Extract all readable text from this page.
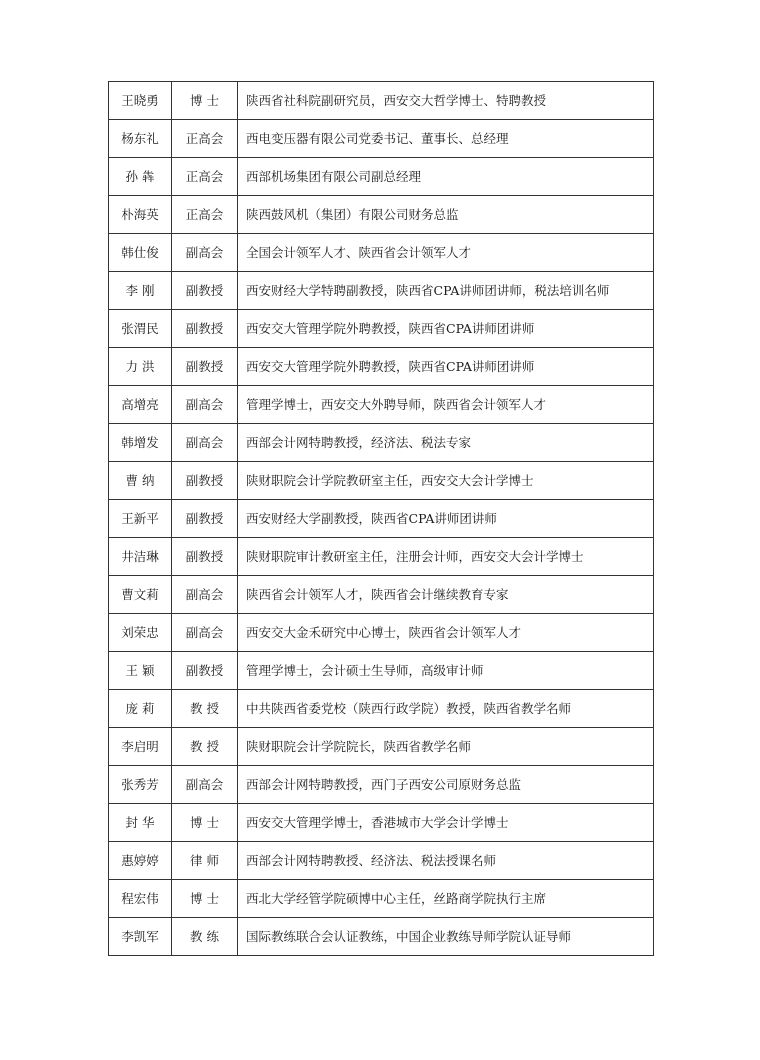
王晓勇	博 士	陕西省社科院副研究员，西安交大哲学博士、特聘教授
杨东礼	正高会	西电变压器有限公司党委书记、董事长、总经理
孙 犇	正高会	西部机场集团有限公司副总经理
朴海英	正高会	陕西鼓风机（集团）有限公司财务总监
韩仕俊	副高会	全国会计领军人才、陕西省会计领军人才
李 刚	副教授	西安财经大学特聘副教授，陕西省CPA讲师团讲师，税法培训名师
张渭民	副教授	西安交大管理学院外聘教授，陕西省CPA讲师团讲师
力 洪	副教授	西安交大管理学院外聘教授，陕西省CPA讲师团讲师
高增亮	副高会	管理学博士，西安交大外聘导师，陕西省会计领军人才
韩增发	副高会	西部会计网特聘教授，经济法、税法专家
曹 纳	副教授	陕财职院会计学院教研室主任，西安交大会计学博士
王新平	副教授	西安财经大学副教授，陕西省CPA讲师团讲师
井洁琳	副教授	陕财职院审计教研室主任，注册会计师，西安交大会计学博士
曹文莉	副高会	陕西省会计领军人才，陕西省会计继续教育专家
刘荣忠	副高会	西安交大金禾研究中心博士，陕西省会计领军人才
王 颖	副教授	管理学博士，会计硕士生导师，高级审计师
庞 莉	教 授	中共陕西省委党校（陕西行政学院）教授，陕西省教学名师
李启明	教 授	陕财职院会计学院院长，陕西省教学名师
张秀芳	副高会	西部会计网特聘教授，西门子西安公司原财务总监
封 华	博 士	西安交大管理学博士，香港城市大学会计学博士
惠婷婷	律 师	西部会计网特聘教授、经济法、税法授课名师
程宏伟	博 士	西北大学经管学院硕博中心主任，丝路商学院执行主席
李凯军	教 练	国际教练联合会认证教练，中国企业教练导师学院认证导师
